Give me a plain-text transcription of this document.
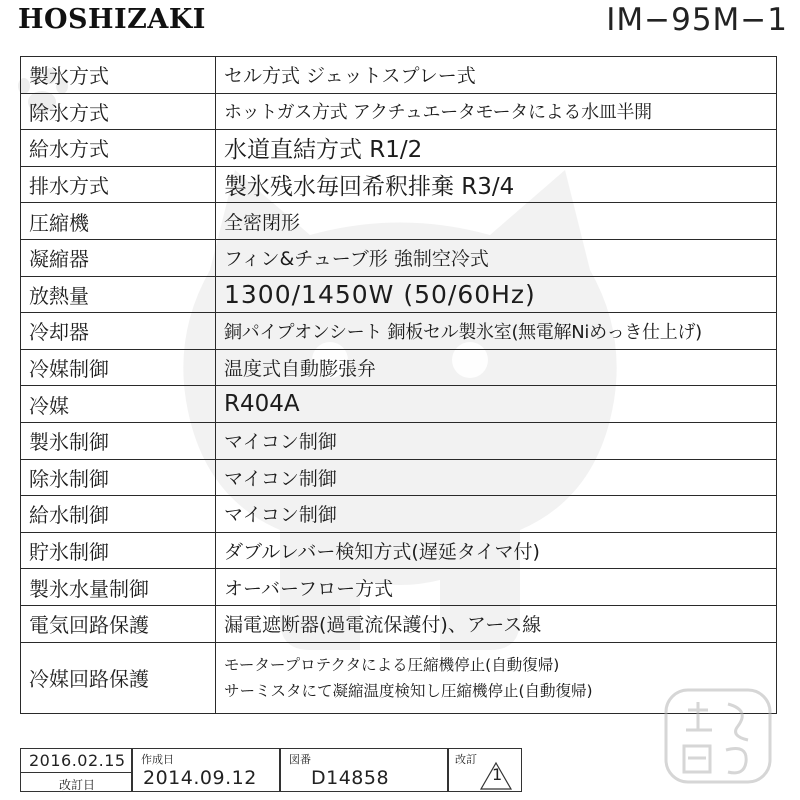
HOSHIZAKI	IM−95M−1
製氷方式	セル方式 ジェットスプレー式
除氷方式	ホットガス方式 アクチュエータモータによる水皿半開
給水方式	水道直結方式 R1/2
排水方式	製氷残水毎回希釈排棄 R3/4
圧縮機	全密閉形
凝縮器	フィン&チューブ形 強制空冷式
放熱量	1300/1450W (50/60Hz)
冷却器	銅パイプオンシート 銅板セル製氷室(無電解Niめっき仕上げ)
冷媒制御	温度式自動膨張弁
冷媒	R404A
製氷制御	マイコン制御
除氷制御	マイコン制御
給水制御	マイコン制御
貯氷制御	ダブルレバー検知方式(遅延タイマ付)
製氷水量制御	オーバーフロー方式
電気回路保護	漏電遮断器(過電流保護付)、アース線
冷媒回路保護	モータープロテクタによる圧縮機停止(自動復帰)
サーミスタにて凝縮温度検知し圧縮機停止(自動復帰)
2016.02.15
改訂日
作成日
2014.09.12
図番
D14858
改訂
1
